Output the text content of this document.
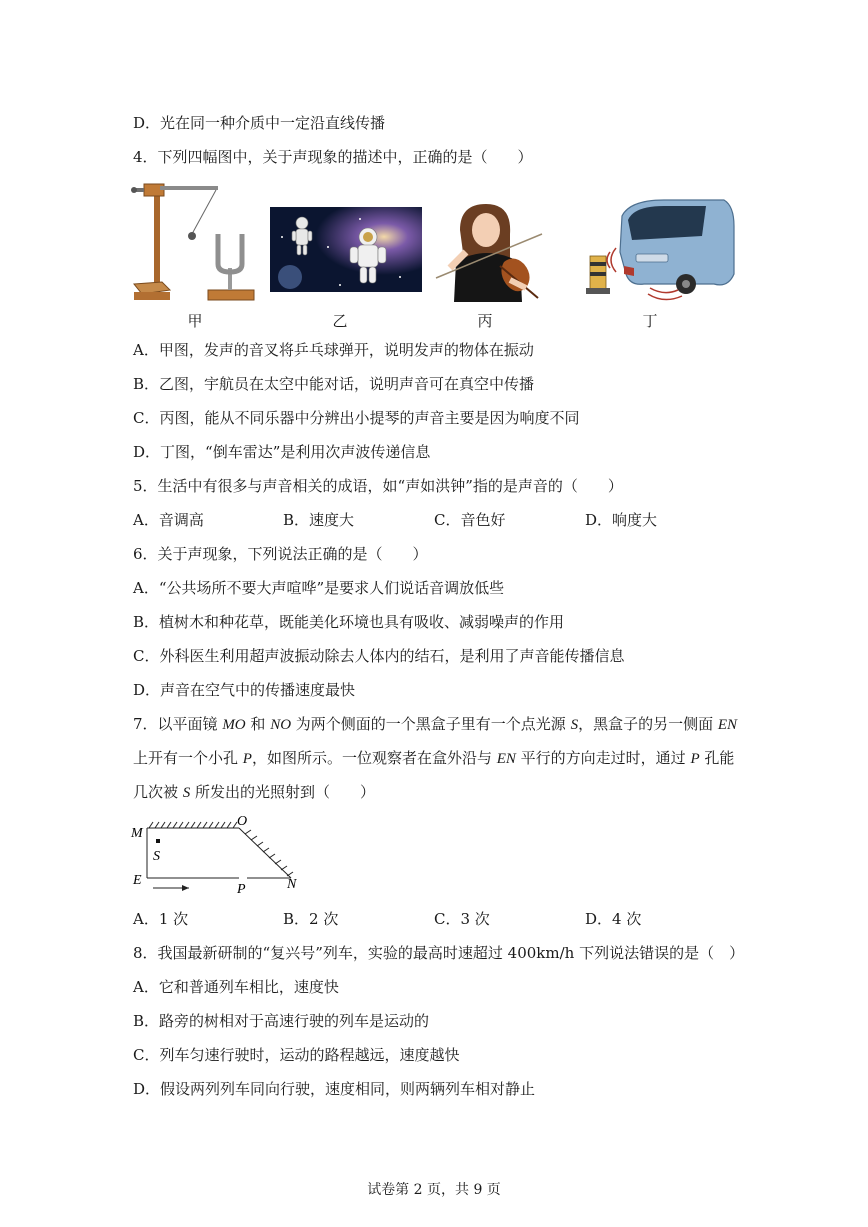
D．光在同一种介质中一定沿直线传播
4．下列四幅图中，关于声现象的描述中，正确的是（　　）
甲	乙	丙	丁
A．甲图，发声的音叉将乒乓球弹开，说明发声的物体在振动
B．乙图，宇航员在太空中能对话，说明声音可在真空中传播
C．丙图，能从不同乐器中分辨出小提琴的声音主要是因为响度不同
D．丁图，“倒车雷达”是利用次声波传递信息
5．生活中有很多与声音相关的成语，如“声如洪钟”指的是声音的（　　）
A．音调高	B．速度大	C．音色好	D．响度大
6．关于声现象，下列说法正确的是（　　）
A．“公共场所不要大声喧哗”是要求人们说话音调放低些
B．植树木和种花草，既能美化环境也具有吸收、减弱噪声的作用
C．外科医生利用超声波振动除去人体内的结石，是利用了声音能传播信息
D．声音在空气中的传播速度最快
7．以平面镜 MO 和 NO 为两个侧面的一个黑盒子里有一个点光源 S，黑盒子的另一侧面 EN
上开有一个小孔 P，如图所示。一位观察者在盒外沿与 EN 平行的方向走过时，通过 P 孔能
几次被 S 所发出的光照射到（　　）
M
O
S
E
P	N
A．1 次	B．2 次	C．3 次	D．4 次
8．我国最新研制的“复兴号”列车，实验的最高时速超过 400km/h 下列说法错误的是（　）
A．它和普通列车相比，速度快
B．路旁的树相对于高速行驶的列车是运动的
C．列车匀速行驶时，运动的路程越远，速度越快
D．假设两列列车同向行驶，速度相同，则两辆列车相对静止
试卷第 2 页，共 9 页
